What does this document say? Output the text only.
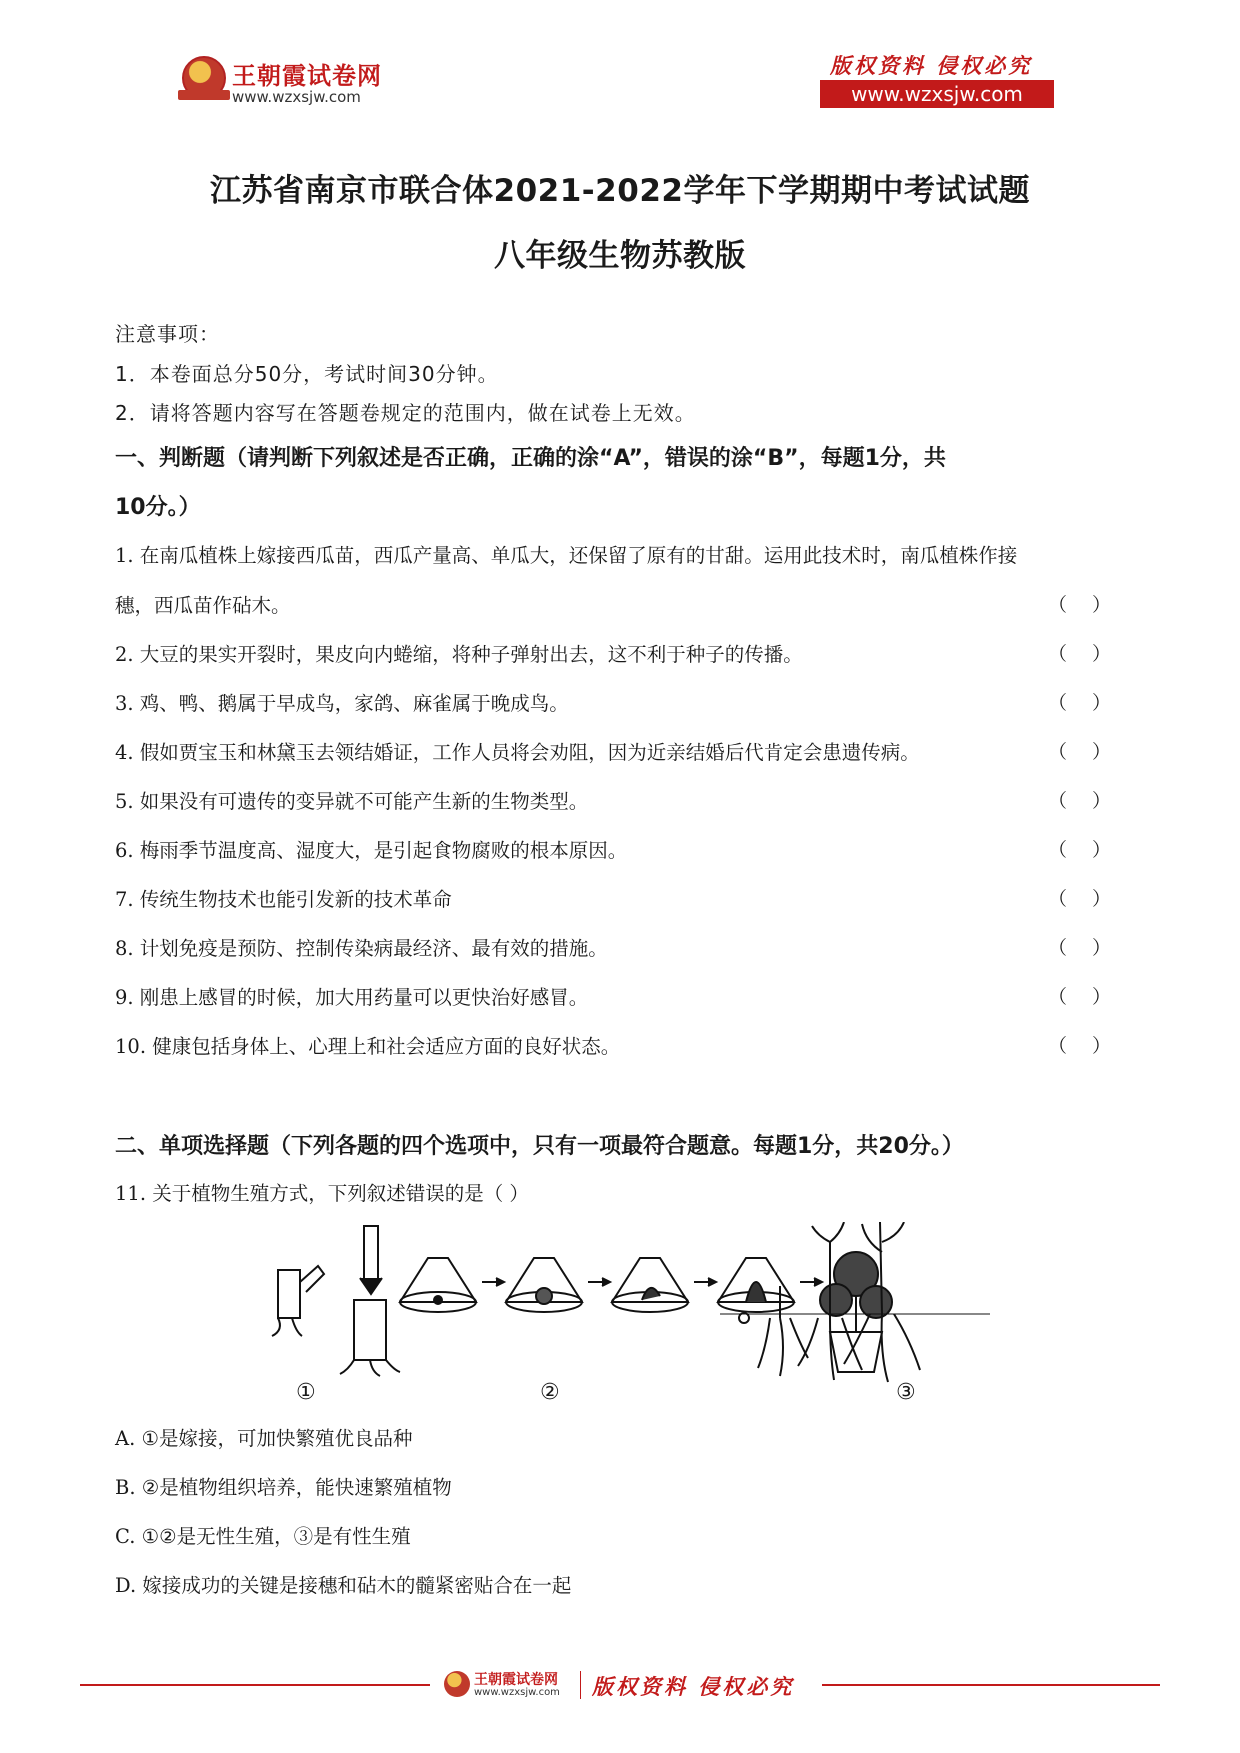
王朝霞试卷网
www.wzxsjw.com
版权资料 侵权必究
www.wzxsjw.com
江苏省南京市联合体2021-2022学年下学期期中考试试题
八年级生物苏教版
注意事项：
1．本卷面总分50分，考试时间30分钟。
2．请将答题内容写在答题卷规定的范围内，做在试卷上无效。
一、判断题（请判断下列叙述是否正确，正确的涂“A”，错误的涂“B”，每题1分，共
10分。）
1. 在南瓜植株上嫁接西瓜苗，西瓜产量高、单瓜大，还保留了原有的甘甜。运用此技术时，南瓜植株作接
穗，西瓜苗作砧木。	（ ）
2. 大豆的果实开裂时，果皮向内蜷缩，将种子弹射出去，这不利于种子的传播。	（ ）
3. 鸡、鸭、鹅属于早成鸟，家鸽、麻雀属于晚成鸟。	（ ）
4. 假如贾宝玉和林黛玉去领结婚证，工作人员将会劝阻，因为近亲结婚后代肯定会患遗传病。	（ ）
5. 如果没有可遗传的变异就不可能产生新的生物类型。	（ ）
6. 梅雨季节温度高、湿度大，是引起食物腐败的根本原因。	（ ）
7. 传统生物技术也能引发新的技术革命	（ ）
8. 计划免疫是预防、控制传染病最经济、最有效的措施。	（ ）
9. 刚患上感冒的时候，加大用药量可以更快治好感冒。	（ ）
10. 健康包括身体上、心理上和社会适应方面的良好状态。	（ ）
二、单项选择题（下列各题的四个选项中，只有一项最符合题意。每题1分，共20分。）
11. 关于植物生殖方式，下列叙述错误的是（ ）
①	②	③
A. ①是嫁接，可加快繁殖优良品种
B. ②是植物组织培养，能快速繁殖植物
C. ①②是无性生殖，③是有性生殖
D. 嫁接成功的关键是接穗和砧木的髓紧密贴合在一起
王朝霞试卷网
www.wzxsjw.com 版权资料 侵权必究
